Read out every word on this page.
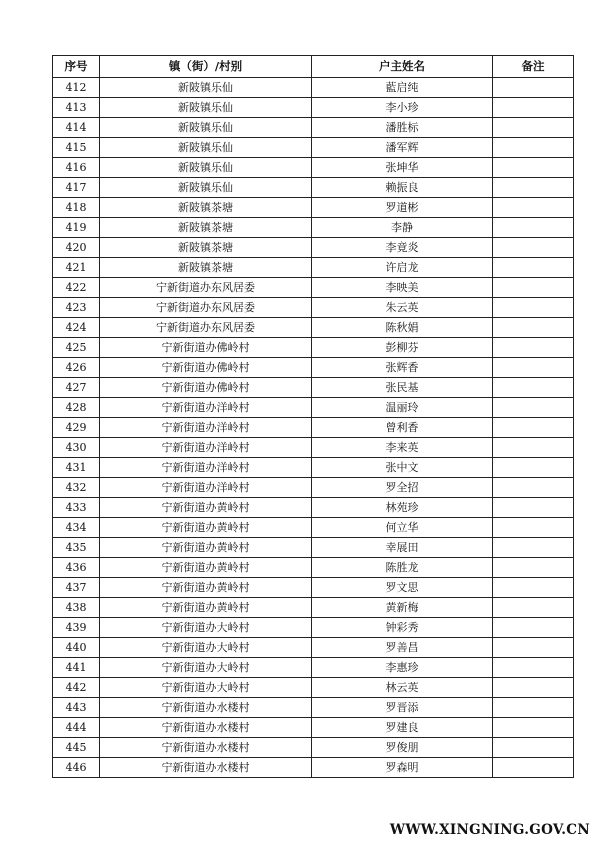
序号	镇（街）/村别	户主姓名	备注
412	新陂镇乐仙	藍启纯	
413	新陂镇乐仙	李小珍	
414	新陂镇乐仙	潘胜标	
415	新陂镇乐仙	潘军辉	
416	新陂镇乐仙	张坤华	
417	新陂镇乐仙	赖振良	
418	新陂镇茶塘	罗道彬	
419	新陂镇茶塘	李静	
420	新陂镇茶塘	李竟炎	
421	新陂镇茶塘	许启龙	
422	宁新街道办东风居委	李映美	
423	宁新街道办东风居委	朱云英	
424	宁新街道办东风居委	陈秋娟	
425	宁新街道办佛岭村	彭柳芬	
426	宁新街道办佛岭村	张辉香	
427	宁新街道办佛岭村	张民基	
428	宁新街道办洋岭村	温丽玲	
429	宁新街道办洋岭村	曾利香	
430	宁新街道办洋岭村	李来英	
431	宁新街道办洋岭村	张中文	
432	宁新街道办洋岭村	罗全招	
433	宁新街道办黄岭村	林苑珍	
434	宁新街道办黄岭村	何立华	
435	宁新街道办黄岭村	幸展田	
436	宁新街道办黄岭村	陈胜龙	
437	宁新街道办黄岭村	罗文思	
438	宁新街道办黄岭村	黄新梅	
439	宁新街道办大岭村	钟彩秀	
440	宁新街道办大岭村	罗善昌	
441	宁新街道办大岭村	李惠珍	
442	宁新街道办大岭村	林云英	
443	宁新街道办水楼村	罗晋添	
444	宁新街道办水楼村	罗建良	
445	宁新街道办水楼村	罗俊朋	
446	宁新街道办水楼村	罗森明	
WWW.XINGNING.GOV.CN
